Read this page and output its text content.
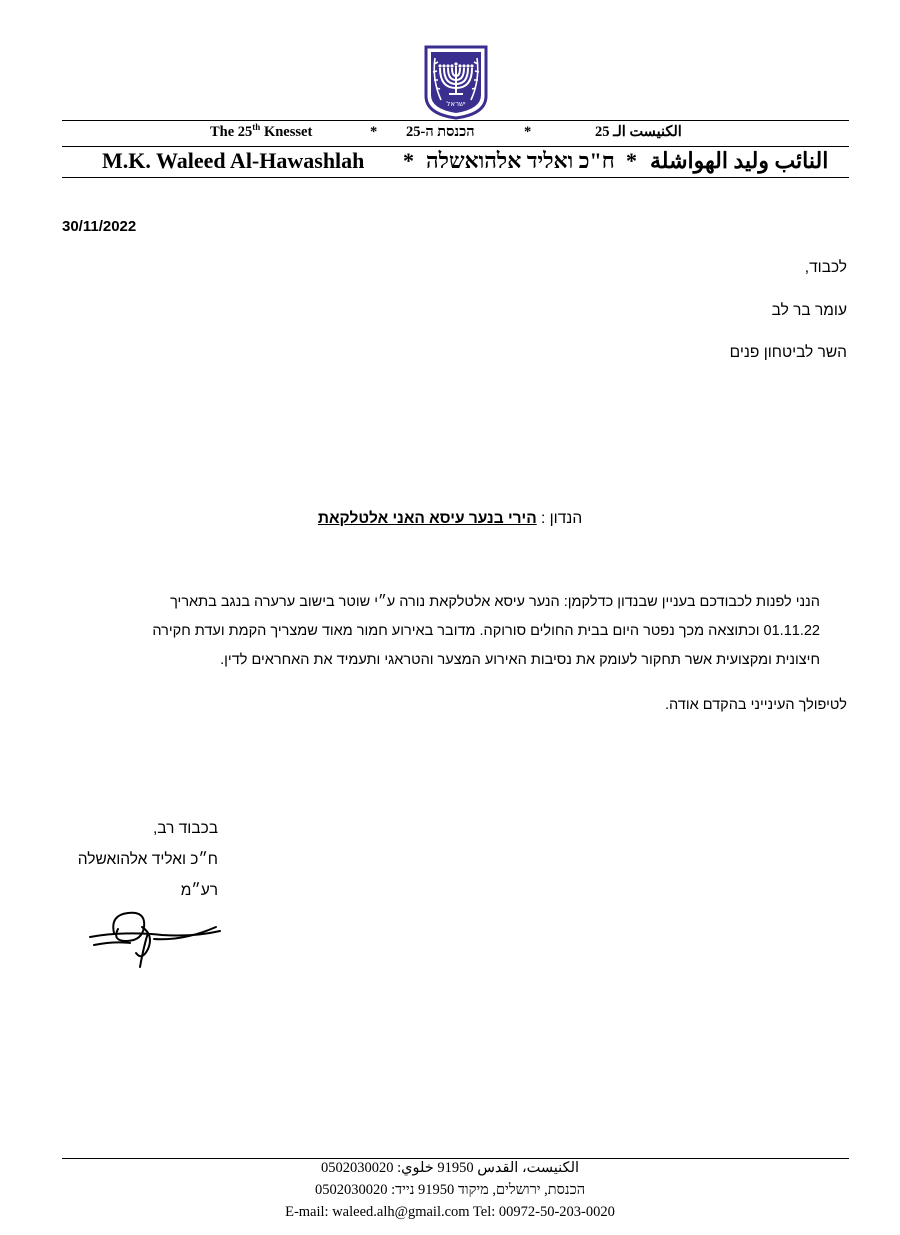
ישראל
The 25th Knesset	* הכנסת ה-25	*	الكنيست الـ 25
M.K. Waleed Al-Hawashlah * ח"כ ואליד אלהואשלה * النائب وليد الهواشلة
30/11/2022
לכבוד,
עומר בר לב
השר לביטחון פנים
הנדון : הירי בנער עיסא האני אלטלקאת
הנני לפנות לכבודכם בעניין שבנדון כדלקמן: הנער עיסא אלטלקאת נורה ע״י שוטר בישוב ערערה בנגב בתאריך
01.11.22 וכתוצאה מכך נפטר היום בבית החולים סורוקה. מדובר באירוע חמור מאוד שמצריך הקמת ועדת חקירה
חיצונית ומקצועית אשר תחקור לעומק את נסיבות האירוע המצער והטראגי ותעמיד את האחראים לדין.
לטיפולך העינייני בהקדם אודה.
בכבוד רב,
ח״כ ואליד אלהואשלה
רע״מ
الكنيست، القدس 91950 خلوي: 0502030020
הכנסת, ירושלים, מיקוד 91950 נייד: 0502030020
E-mail: waleed.alh@gmail.com Tel: 00972-50-203-0020
